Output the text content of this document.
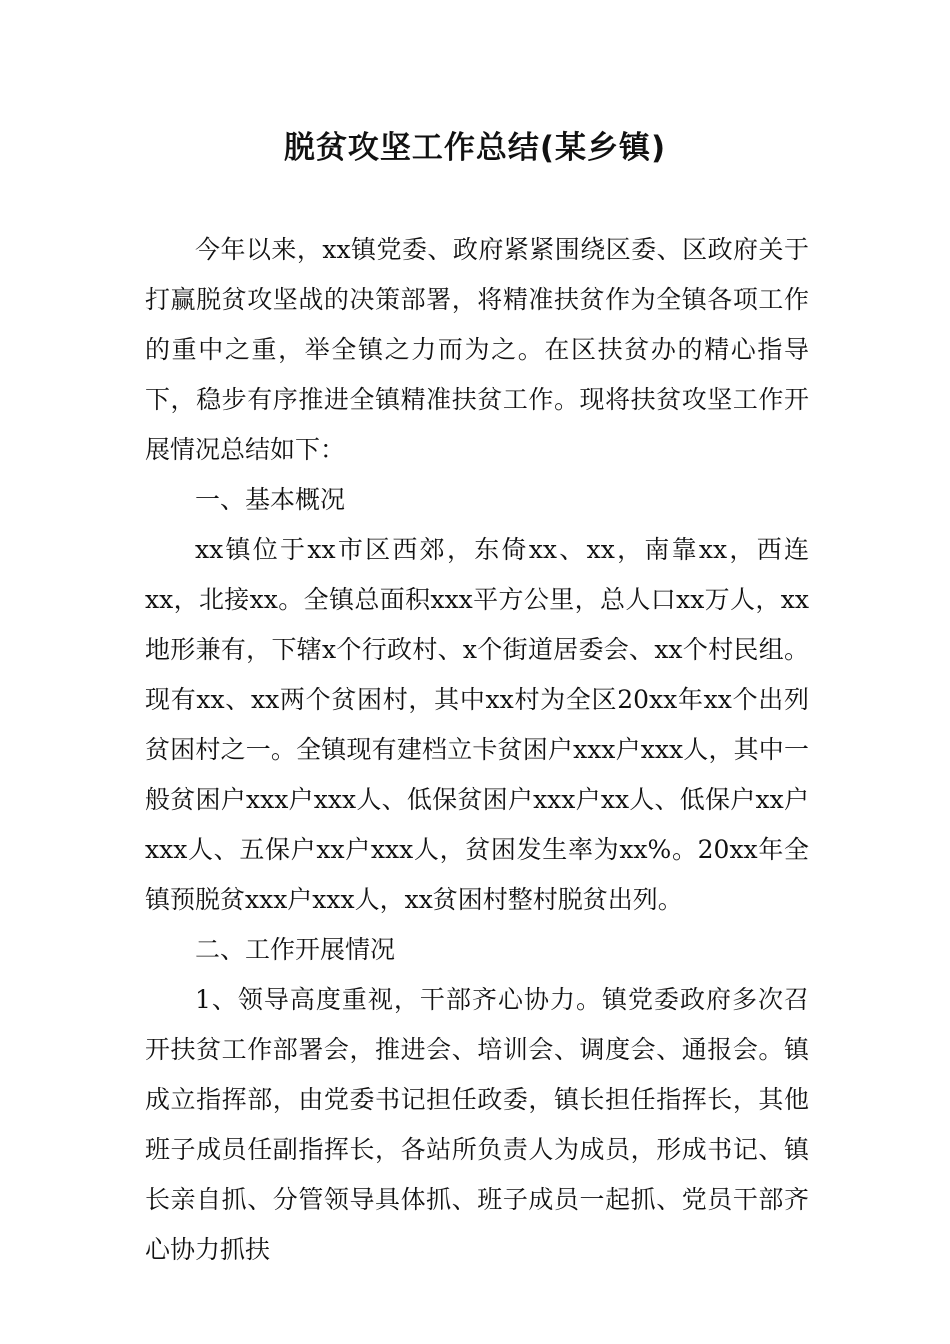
脱贫攻坚工作总结(某乡镇)

今年以来，xx镇党委、政府紧紧围绕区委、区政府关于打赢脱贫攻坚战的决策部署，将精准扶贫作为全镇各项工作的重中之重，举全镇之力而为之。在区扶贫办的精心指导下，稳步有序推进全镇精准扶贫工作。现将扶贫攻坚工作开展情况总结如下：

一、基本概况

xx镇位于xx市区西郊，东倚xx、xx，南靠xx，西连xx，北接xx。全镇总面积xxx平方公里，总人口xx万人，xx地形兼有，下辖x个行政村、x个街道居委会、xx个村民组。现有xx、xx两个贫困村，其中xx村为全区20xx年xx个出列贫困村之一。全镇现有建档立卡贫困户xxx户xxx人，其中一般贫困户xxx户xxx人、低保贫困户xxx户xx人、低保户xx户xxx人、五保户xx户xxx人，贫困发生率为xx%。20xx年全镇预脱贫xxx户xxx人，xx贫困村整村脱贫出列。

二、工作开展情况

1、领导高度重视，干部齐心协力。镇党委政府多次召开扶贫工作部署会，推进会、培训会、调度会、通报会。镇成立指挥部，由党委书记担任政委，镇长担任指挥长，其他班子成员任副指挥长，各站所负责人为成员，形成书记、镇长亲自抓、分管领导具体抓、班子成员一起抓、党员干部齐心协力抓扶
